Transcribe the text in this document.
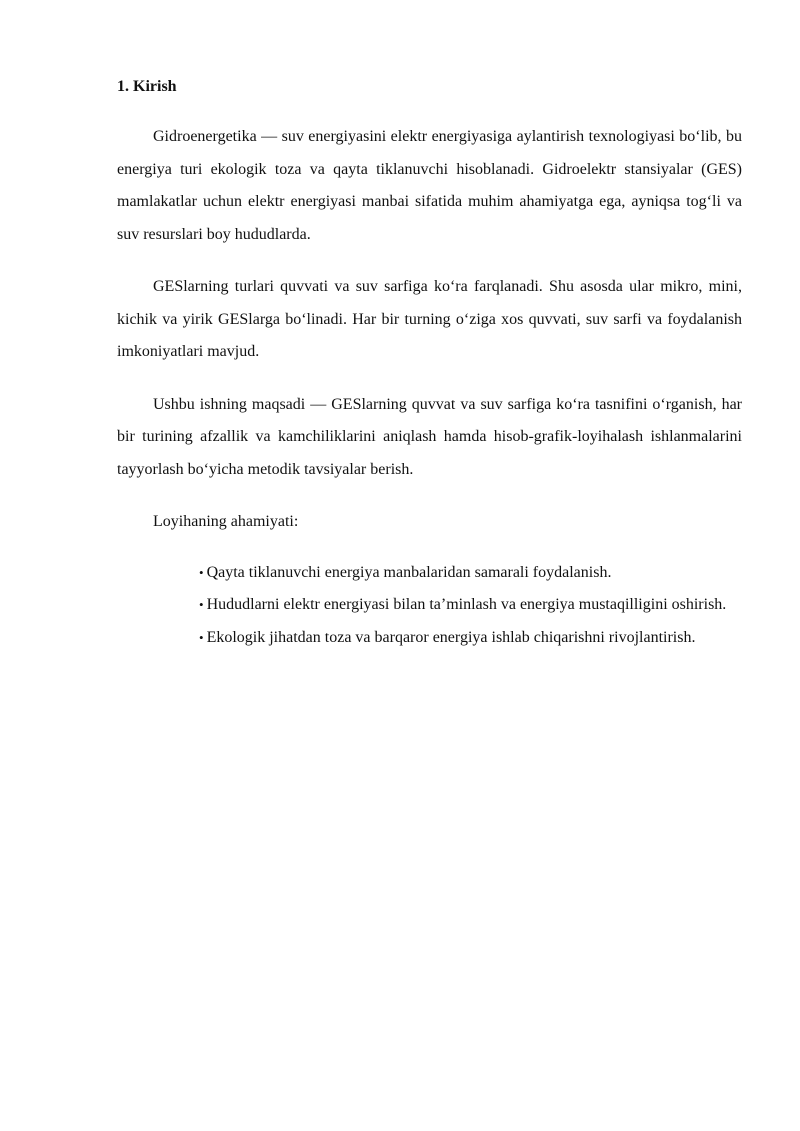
1. Kirish

Gidroenergetika — suv energiyasini elektr energiyasiga aylantirish texnologiyasi bo‘lib, bu energiya turi ekologik toza va qayta tiklanuvchi hisoblanadi. Gidroelektr stansiyalar (GES) mamlakatlar uchun elektr energiyasi manbai sifatida muhim ahamiyatga ega, ayniqsa tog‘li va suv resurslari boy hududlarda.

GESlarning turlari quvvati va suv sarfiga ko‘ra farqlanadi. Shu asosda ular mikro, mini, kichik va yirik GESlarga bo‘linadi. Har bir turning o‘ziga xos quvvati, suv sarfi va foydalanish imkoniyatlari mavjud.

Ushbu ishning maqsadi — GESlarning quvvat va suv sarfiga ko‘ra tasnifini o‘rganish, har bir turining afzallik va kamchiliklarini aniqlash hamda hisob-grafik-loyihalash ishlanmalarini tayyorlash bo‘yicha metodik tavsiyalar berish.

Loyihaning ahamiyati:

• Qayta tiklanuvchi energiya manbalaridan samarali foydalanish.
• Hududlarni elektr energiyasi bilan ta’minlash va energiya mustaqilligini oshirish.
• Ekologik jihatdan toza va barqaror energiya ishlab chiqarishni rivojlantirish.
